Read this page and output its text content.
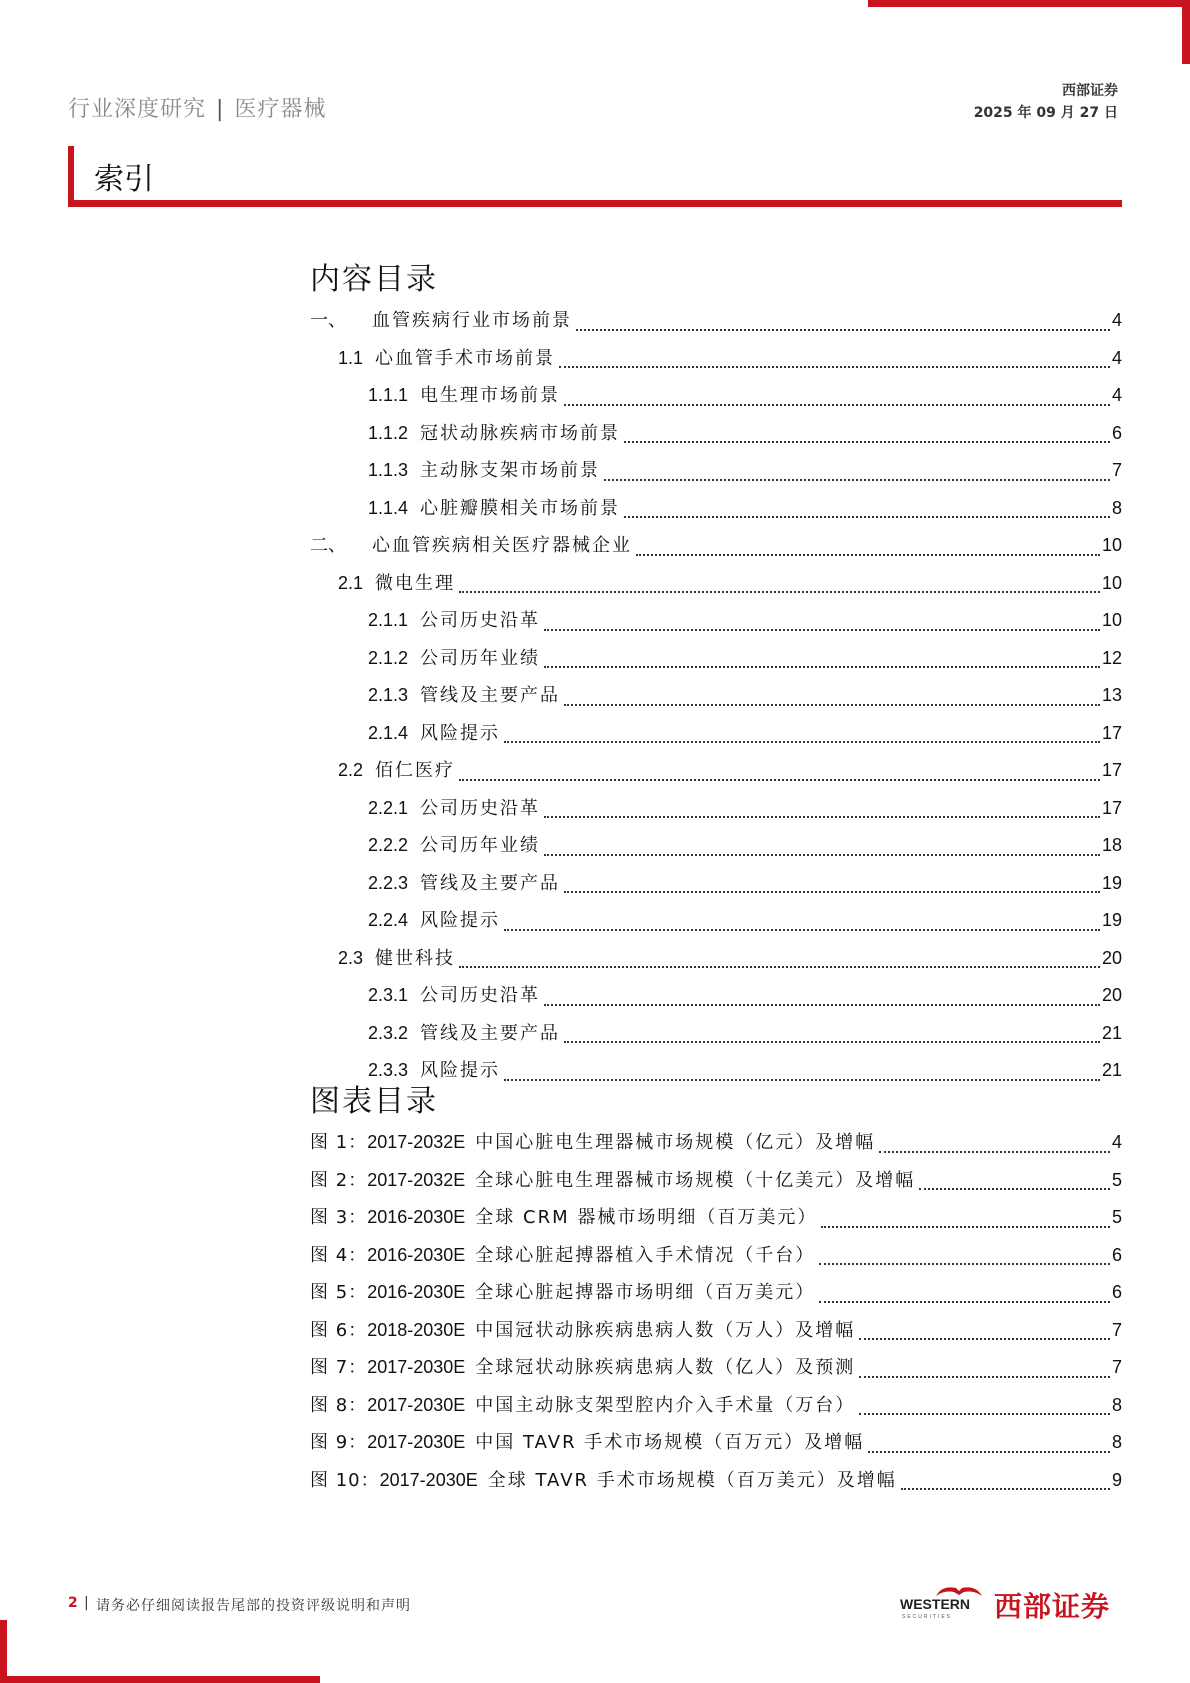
行业深度研究 | 医疗器械
西部证券
2025 年 09 月 27 日
索引
内容目录
一、 血管疾病行业市场前景	4
1.1 心血管手术市场前景	4
1.1.1 电生理市场前景	4
1.1.2 冠状动脉疾病市场前景	6
1.1.3 主动脉支架市场前景	7
1.1.4 心脏瓣膜相关市场前景	8
二、 心血管疾病相关医疗器械企业	10
2.1 微电生理	10
2.1.1 公司历史沿革	10
2.1.2 公司历年业绩	12
2.1.3 管线及主要产品	13
2.1.4 风险提示	17
2.2 佰仁医疗	17
2.2.1 公司历史沿革	17
2.2.2 公司历年业绩	18
2.2.3 管线及主要产品	19
2.2.4 风险提示	19
2.3 健世科技	20
2.3.1 公司历史沿革	20
2.3.2 管线及主要产品	21
2.3.3 风险提示	21
图表目录
图 1： 2017-2032E 中国心脏电生理器械市场规模（亿元）及增幅	4
图 2： 2017-2032E 全球心脏电生理器械市场规模（十亿美元）及增幅	5
图 3： 2016-2030E 全球 CRM 器械市场明细（百万美元）	5
图 4： 2016-2030E 全球心脏起搏器植入手术情况（千台）	6
图 5： 2016-2030E 全球心脏起搏器市场明细（百万美元）	6
图 6： 2018-2030E 中国冠状动脉疾病患病人数（万人）及增幅	7
图 7： 2017-2030E 全球冠状动脉疾病患病人数（亿人）及预测	7
图 8： 2017-2030E 中国主动脉支架型腔内介入手术量（万台）	8
图 9： 2017-2030E 中国 TAVR 手术市场规模（百万元）及增幅	8
图 10： 2017-2030E 全球 TAVR 手术市场规模（百万美元）及增幅	9
2 | 请务必仔细阅读报告尾部的投资评级说明和声明	WESTERN
SECURITIES 西部证券
